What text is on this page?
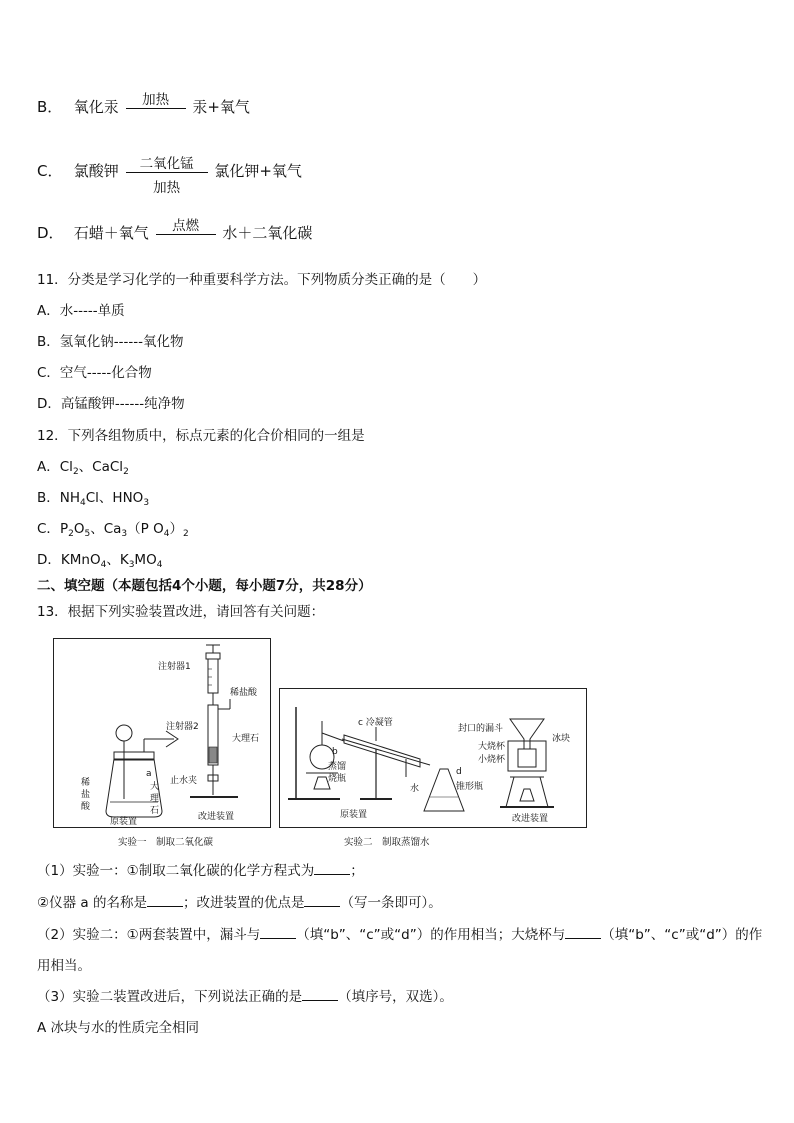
B． 氧化汞	加热	汞+氧气
C． 氯酸钾	二氧化锰
加热
氯化钾+氧气
D． 石蜡＋氧气	点燃	水＋二氧化碳
11．分类是学习化学的一种重要科学方法。下列物质分类正确的是（　　）
A．水-----单质
B．氢氧化钠------氧化物
C．空气-----化合物
D．高锰酸钾------纯净物
12．下列各组物质中，标点元素的化合价相同的一组是
A．$Cl_2$、CaCl$_2$
B．$NH_4Cl$、$HNO_3$
C．$P_2O_5$、$Ca_3(P$ $O_4)_2$
D．KMnO$_4$、$K_3MO_4$
二、填空题（本题包括4个小题，每小题7分，共28分）
13．根据下列实验装置改进，请回答有关问题：
注射器1
稀盐酸
注射器2
大理石
止水夹
a
稀
盐
酸
大
理
石
原装置	改进装置
实验一　制取二氧化碳
c 冷凝管
b
蒸馏
烧瓶
水
d
锥形瓶
封口的漏斗
冰块
大烧杯
小烧杯
原装置	改进装置
实验二　制取蒸馏水
（1）实验一：①制取二氧化碳的化学方程式为	；
②仪器 a 的名称是	；改进装置的优点是	（写一条即可）。
（2）实验二：①两套装置中，漏斗与	（填“b”、“c”或“d”）的作用相当；大烧杯与	（填“b”、“c”或“d”）的作
用相当。
（3）实验二装置改进后，下列说法正确的是	（填序号，双选）。
A 冰块与水的性质完全相同
